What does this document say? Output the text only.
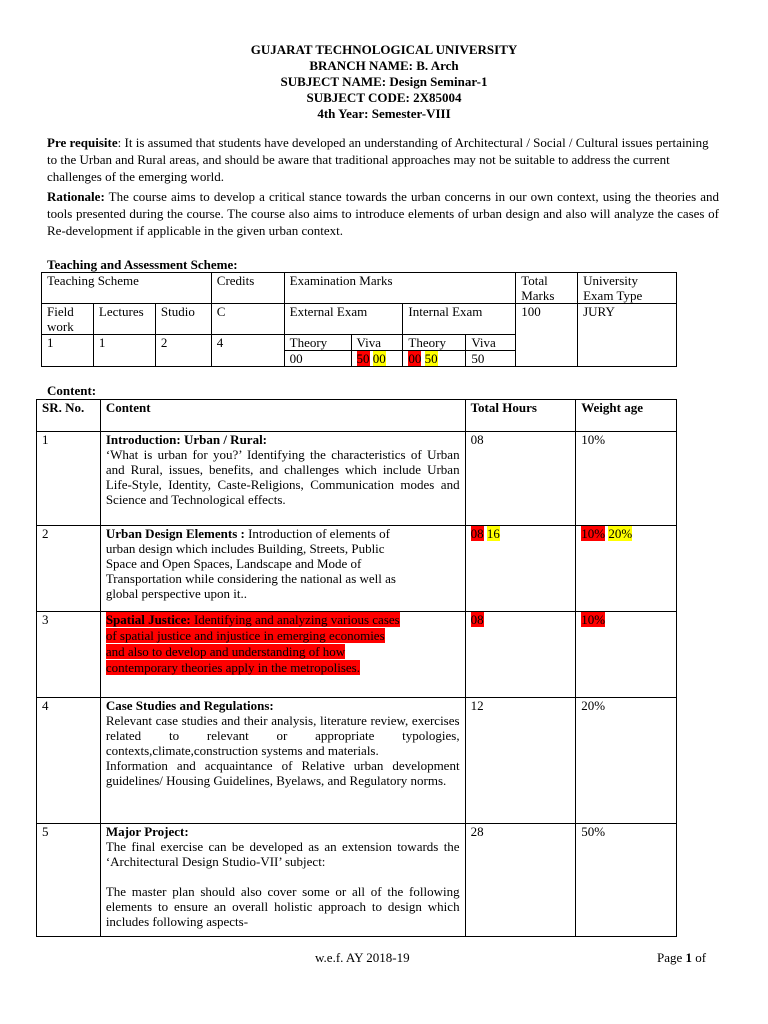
GUJARAT TECHNOLOGICAL UNIVERSITY
BRANCH NAME: B. Arch
SUBJECT NAME: Design Seminar-1
SUBJECT CODE: 2X85004
4th Year: Semester-VIII
Pre requisite: It is assumed that students have developed an understanding of Architectural / Social / Cultural issues pertaining to the Urban and Rural areas, and should be aware that traditional approaches may not be suitable to address the current challenges of the emerging world.
Rationale: The course aims to develop a critical stance towards the urban concerns in our own context, using the theories and tools presented during the course. The course also aims to introduce elements of urban design and also will analyze the cases of Re-development if applicable in the given urban context.
Teaching and Assessment Scheme:
Teaching Scheme			Credits	Examination Marks				Total Marks	University Exam Type
Field work	Lectures	Studio	C	External Exam		Internal Exam		100	JURY
1	1	2	4	Theory	Viva	Theory	Viva		
				00	50 00	00 50	50		
Content:
SR. No.	Content	Total Hours	Weight age
1	Introduction: Urban / Rural:
‘What is urban for you?’ Identifying the characteristics of Urban and Rural, issues, benefits, and challenges which include Urban Life-Style, Identity, Caste-Religions, Communication modes and Science and Technological effects.	08	10%
2	Urban Design Elements : Introduction of elements of urban design which includes Building, Streets, Public Space and Open Spaces, Landscape and Mode of Transportation while considering the national as well as global perspective upon it..	08 16	10% 20%
3	Spatial Justice: Identifying and analyzing various cases of spatial justice and injustice in emerging economies and also to develop and understanding of how contemporary theories apply in the metropolises.	08	10%
4	Case Studies and Regulations:
Relevant case studies and their analysis, literature review, exercises related to relevant or appropriate typologies, contexts,climate,construction systems and materials.
Information and acquaintance of Relative urban development guidelines/ Housing Guidelines, Byelaws, and Regulatory norms.	12	20%
5	Major Project:
The final exercise can be developed as an extension towards the ‘Architectural Design Studio-VII’ subject:

The master plan should also cover some or all of the following elements to ensure an overall holistic approach to design which includes following aspects-	28	50%
w.e.f. AY 2018-19	Page 1 of
